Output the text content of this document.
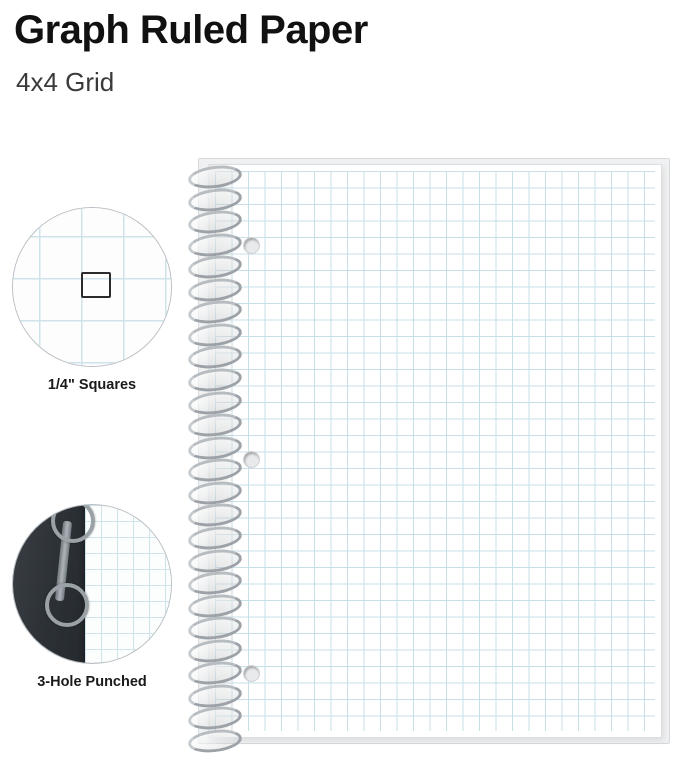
Graph Ruled Paper
4x4 Grid
1/4" Squares
3-Hole Punched
